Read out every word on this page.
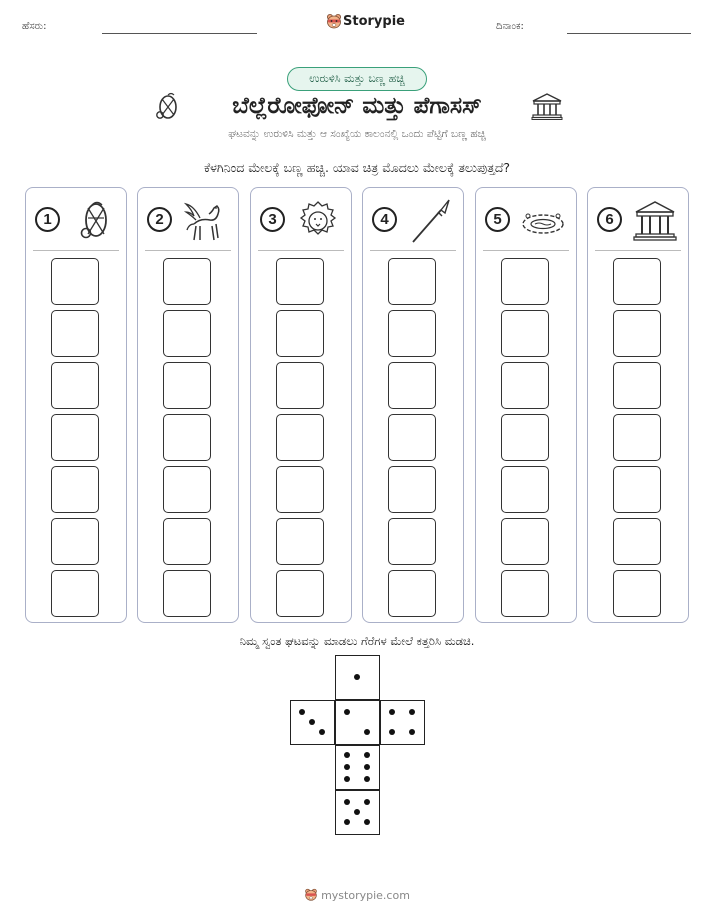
ಹೆಸರು:	Storypie	ದಿನಾಂಕ:
ಉರುಳಿಸಿ ಮತ್ತು ಬಣ್ಣ ಹಚ್ಚಿ
ಬೆಲ್ಲೆರೋಫೋನ್ ಮತ್ತು ಪೆಗಾಸಸ್
ಘಟವನ್ನು ಉರುಳಿಸಿ ಮತ್ತು ಆ ಸಂಖ್ಯೆಯ ಕಾಲಂನಲ್ಲಿ ಒಂದು ಪೆಟ್ಟಿಗೆ ಬಣ್ಣ ಹಚ್ಚಿ
ಕೆಳಗಿನಿಂದ ಮೇಲಕ್ಕೆ ಬಣ್ಣ ಹಚ್ಚಿ. ಯಾವ ಚಿತ್ರ ಮೊದಲು ಮೇಲಕ್ಕೆ ತಲುಪುತ್ತದೆ?
1	2	3	4	5	6
ನಿಮ್ಮ ಸ್ವಂತ ಘಟವನ್ನು ಮಾಡಲು ಗೆರೆಗಳ ಮೇಲೆ ಕತ್ತರಿಸಿ ಮಡಚಿ.
mystorypie.com
